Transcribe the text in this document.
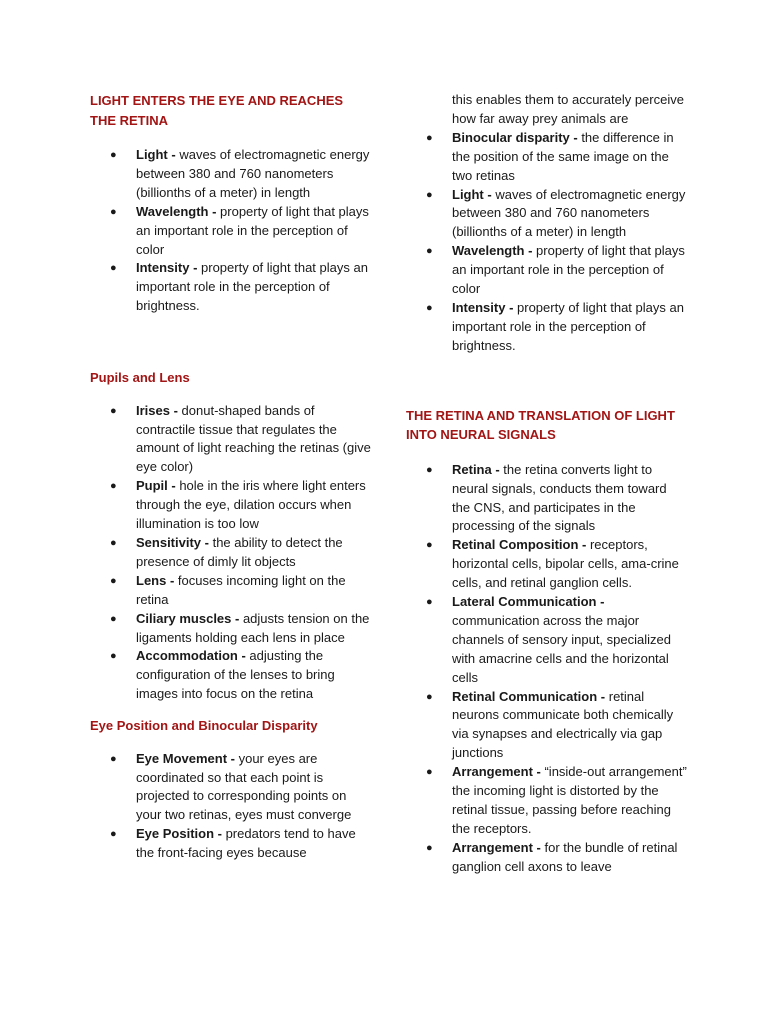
LIGHT ENTERS THE EYE AND REACHES THE RETINA
● Light - waves of electromagnetic energy between 380 and 760 nanometers (billionths of a meter) in length
● Wavelength - property of light that plays an important role in the perception of color
● Intensity - property of light that plays an important role in the perception of brightness.
Pupils and Lens
● Irises - donut-shaped bands of contractile tissue that regulates the amount of light reaching the retinas (give eye color)
● Pupil - hole in the iris where light enters through the eye, dilation occurs when illumination is too low
● Sensitivity - the ability to detect the presence of dimly lit objects
● Lens - focuses incoming light on the retina
● Ciliary muscles - adjusts tension on the ligaments holding each lens in place
● Accommodation - adjusting the configuration of the lenses to bring images into focus on the retina
Eye Position and Binocular Disparity
● Eye Movement - your eyes are coordinated so that each point is projected to corresponding points on your two retinas, eyes must converge
● Eye Position - predators tend to have the front-facing eyes because

this enables them to accurately perceive how far away prey animals are

● Binocular disparity - the difference in the position of the same image on the two retinas
● Light - waves of electromagnetic energy between 380 and 760 nanometers (billionths of a meter) in length
● Wavelength - property of light that plays an important role in the perception of color
● Intensity - property of light that plays an important role in the perception of brightness.
THE RETINA AND TRANSLATION OF LIGHT INTO NEURAL SIGNALS
● Retina - the retina converts light to neural signals, conducts them toward the CNS, and participates in the processing of the signals
● Retinal Composition - receptors, horizontal cells, bipolar cells, ama-crine cells, and retinal ganglion cells.
● Lateral Communication - communication across the major channels of sensory input, specialized with amacrine cells and the horizontal cells
● Retinal Communication - retinal neurons communicate both chemically via synapses and electrically via gap junctions
● Arrangement - “inside-out arrangement” the incoming light is distorted by the retinal tissue, passing before reaching the receptors.
● Arrangement - for the bundle of retinal ganglion cell axons to leave
